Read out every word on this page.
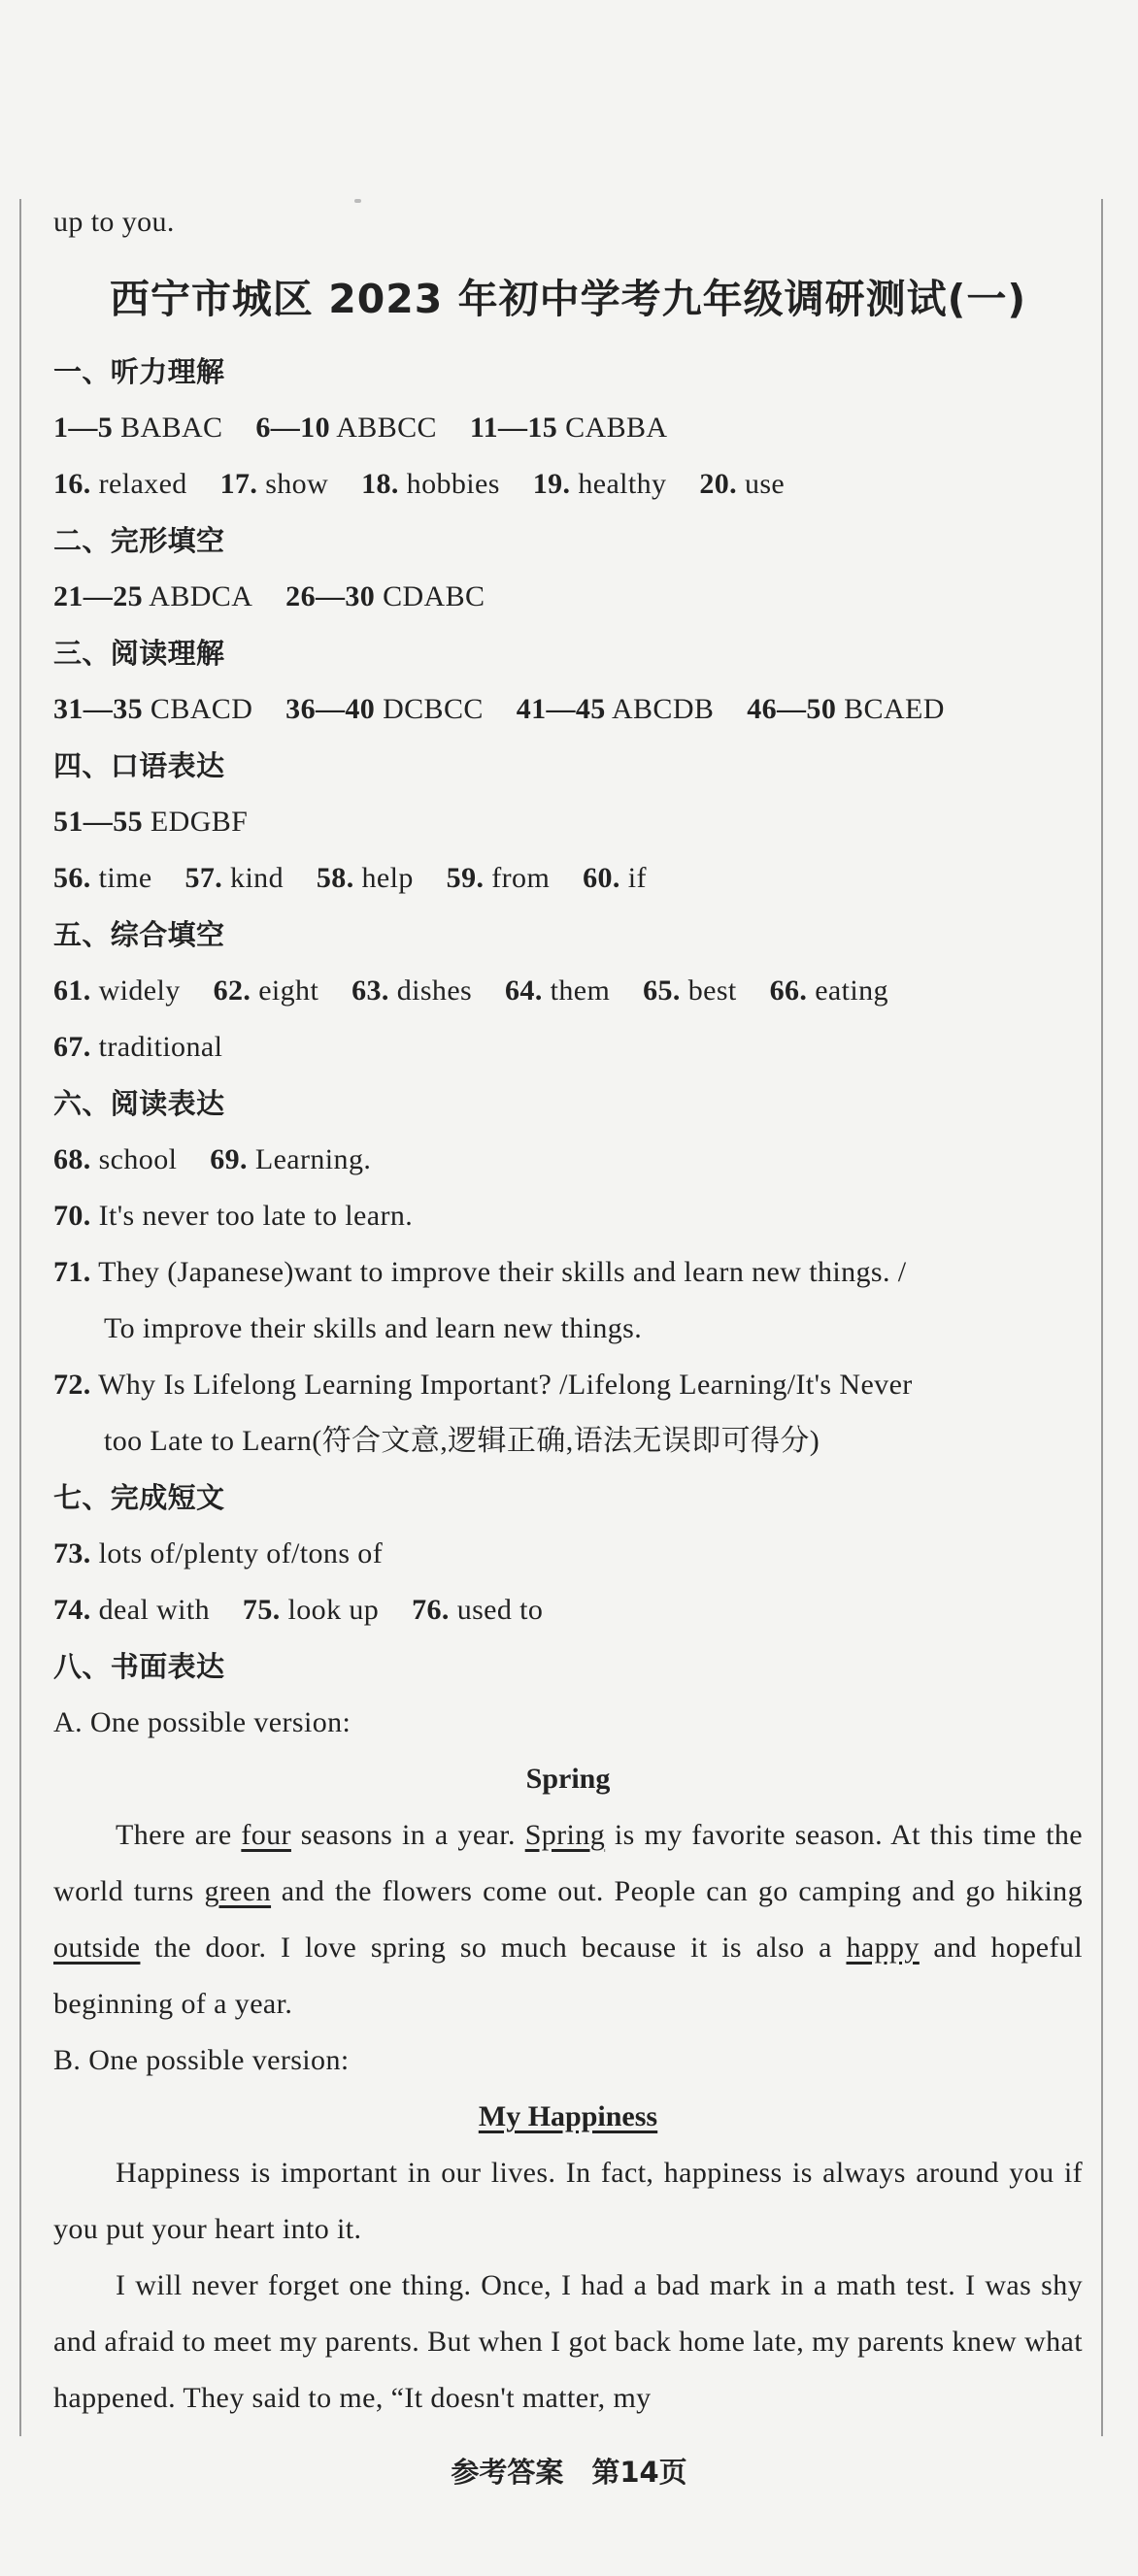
up to you.
西宁市城区 2023 年初中学考九年级调研测试(一)
一、听力理解
1—5 BABAC 6—10 ABBCC 11—15 CABBA
16. relaxed 17. show 18. hobbies 19. healthy 20. use
二、完形填空
21—25 ABDCA 26—30 CDABC
三、阅读理解
31—35 CBACD 36—40 DCBCC 41—45 ABCDB 46—50 BCAED
四、口语表达
51—55 EDGBF
56. time 57. kind 58. help 59. from 60. if
五、综合填空
61. widely 62. eight 63. dishes 64. them 65. best 66. eating
67. traditional
六、阅读表达
68. school 69. Learning.
70. It's never too late to learn.
71. They (Japanese)want to improve their skills and learn new things. /
To improve their skills and learn new things.
72. Why Is Lifelong Learning Important? /Lifelong Learning/It's Never
too Late to Learn(符合文意,逻辑正确,语法无误即可得分)
七、完成短文
73. lots of/plenty of/tons of
74. deal with 75. look up 76. used to
八、书面表达
A. One possible version:
Spring
There are four seasons in a year. Spring is my favorite season. At this time the world turns green and the flowers come out. People can go camping and go hiking outside the door. I love spring so much because it is also a happy and hopeful beginning of a year.
B. One possible version:
My Happiness
Happiness is important in our lives. In fact, happiness is always around you if you put your heart into it.
I will never forget one thing. Once, I had a bad mark in a math test. I was shy and afraid to meet my parents. But when I got back home late, my parents knew what happened. They said to me, “It doesn't matter, my
参考答案　第14页
